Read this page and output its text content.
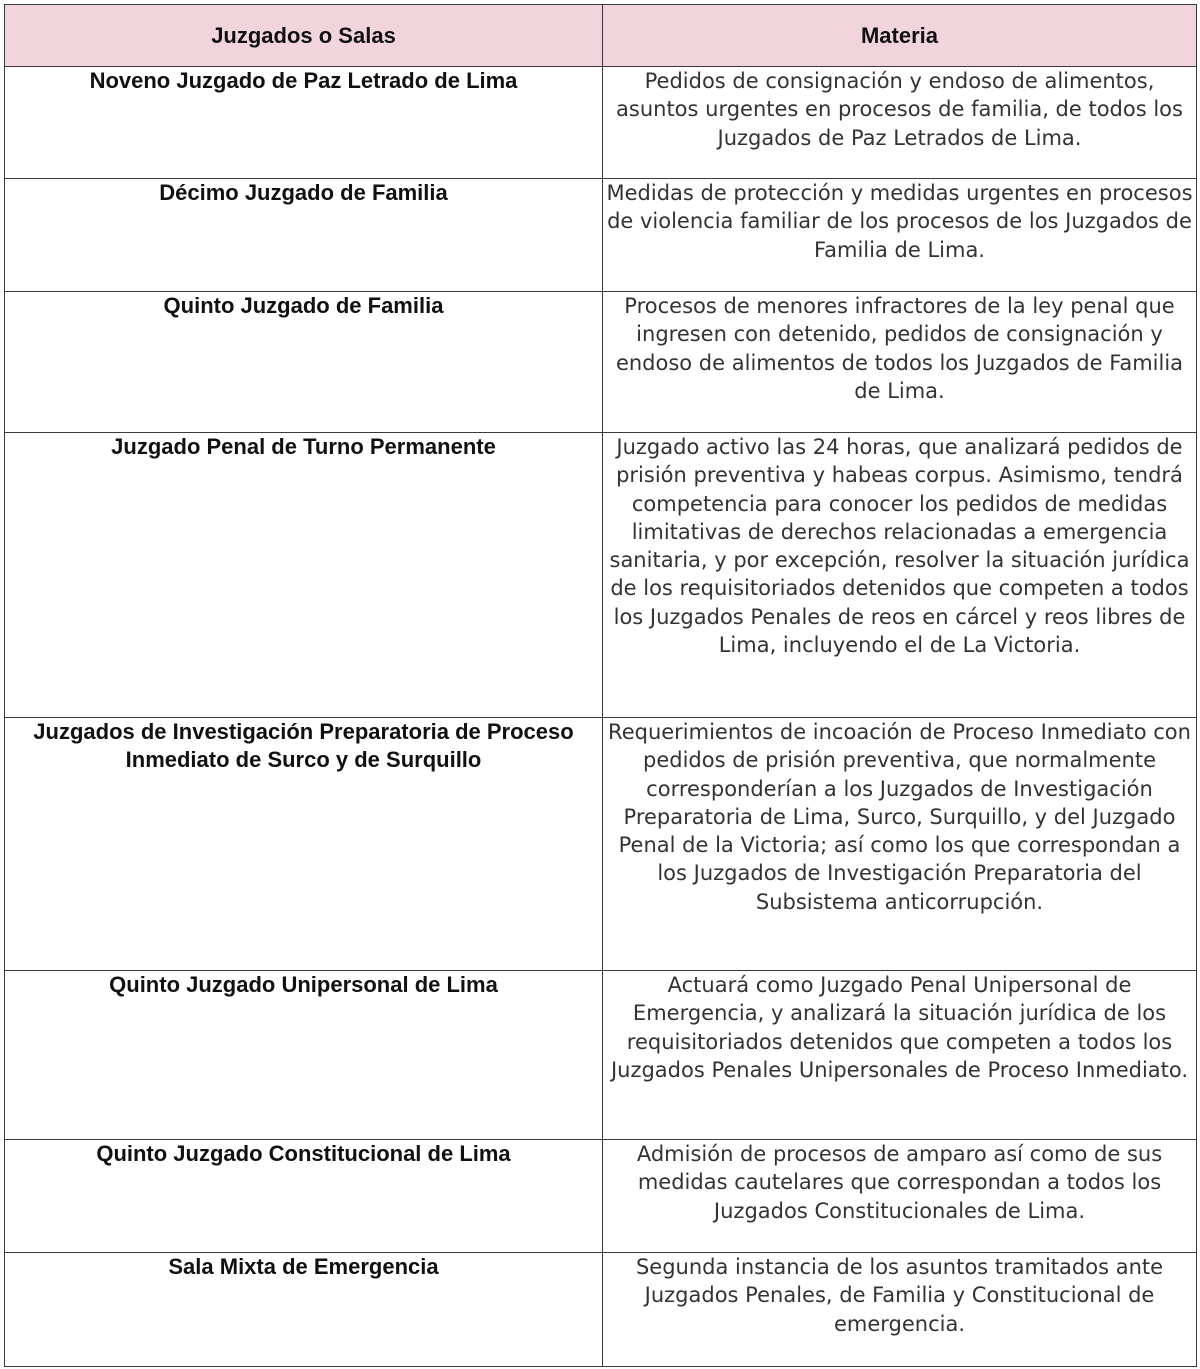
Juzgados o Salas	Materia
Noveno Juzgado de Paz Letrado de Lima	Pedidos de consignación y endoso de alimentos, asuntos urgentes en procesos de familia, de todos los Juzgados de Paz Letrados de Lima.
Décimo Juzgado de Familia	Medidas de protección y medidas urgentes en procesos de violencia familiar de los procesos de los Juzgados de Familia de Lima.
Quinto Juzgado de Familia	Procesos de menores infractores de la ley penal que ingresen con detenido, pedidos de consignación y endoso de alimentos de todos los Juzgados de Familia de Lima.
Juzgado Penal de Turno Permanente	Juzgado activo las 24 horas, que analizará pedidos de prisión preventiva y habeas corpus. Asimismo, tendrá competencia para conocer los pedidos de medidas limitativas de derechos relacionadas a emergencia sanitaria, y por excepción, resolver la situación jurídica de los requisitoriados detenidos que competen a todos los Juzgados Penales de reos en cárcel y reos libres de Lima, incluyendo el de La Victoria.
Juzgados de Investigación Preparatoria de Proceso Inmediato de Surco y de Surquillo	Requerimientos de incoación de Proceso Inmediato con pedidos de prisión preventiva, que normalmente corresponderían a los Juzgados de Investigación Preparatoria de Lima, Surco, Surquillo, y del Juzgado Penal de la Victoria; así como los que correspondan a los Juzgados de Investigación Preparatoria del Subsistema anticorrupción.
Quinto Juzgado Unipersonal de Lima	Actuará como Juzgado Penal Unipersonal de Emergencia, y analizará la situación jurídica de los requisitoriados detenidos que competen a todos los Juzgados Penales Unipersonales de Proceso Inmediato.
Quinto Juzgado Constitucional de Lima	Admisión de procesos de amparo así como de sus medidas cautelares que correspondan a todos los Juzgados Constitucionales de Lima.
Sala Mixta de Emergencia	Segunda instancia de los asuntos tramitados ante Juzgados Penales, de Familia y Constitucional de emergencia.
